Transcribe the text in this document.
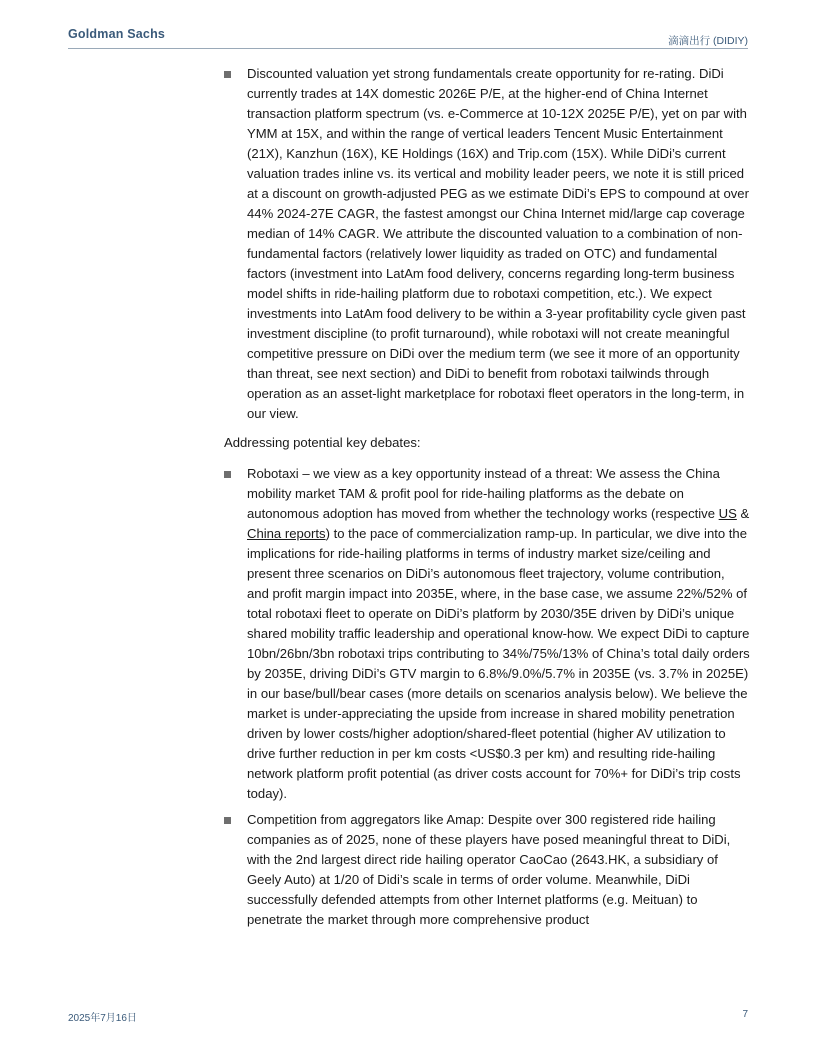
Goldman Sachs	滴滴出行 (DIDIY)

Discounted valuation yet strong fundamentals create opportunity for re-rating. DiDi currently trades at 14X domestic 2026E P/E, at the higher-end of China Internet transaction platform spectrum (vs. e-Commerce at 10-12X 2025E P/E), yet on par with YMM at 15X, and within the range of vertical leaders Tencent Music Entertainment (21X), Kanzhun (16X), KE Holdings (16X) and Trip.com (15X). While DiDi’s current valuation trades inline vs. its vertical and mobility leader peers, we note it is still priced at a discount on growth-adjusted PEG as we estimate DiDi’s EPS to compound at over 44% 2024-27E CAGR, the fastest amongst our China Internet mid/large cap coverage median of 14% CAGR. We attribute the discounted valuation to a combination of non-fundamental factors (relatively lower liquidity as traded on OTC) and fundamental factors (investment into LatAm food delivery, concerns regarding long-term business model shifts in ride-hailing platform due to robotaxi competition, etc.). We expect investments into LatAm food delivery to be within a 3-year profitability cycle given past investment discipline (to profit turnaround), while robotaxi will not create meaningful competitive pressure on DiDi over the medium term (we see it more of an opportunity than threat, see next section) and DiDi to benefit from robotaxi tailwinds through operation as an asset-light marketplace for robotaxi fleet operators in the long-term, in our view.

Addressing potential key debates:

Robotaxi – we view as a key opportunity instead of a threat: We assess the China mobility market TAM & profit pool for ride-hailing platforms as the debate on autonomous adoption has moved from whether the technology works (respective US & China reports) to the pace of commercialization ramp-up. In particular, we dive into the implications for ride-hailing platforms in terms of industry market size/ceiling and present three scenarios on DiDi’s autonomous fleet trajectory, volume contribution, and profit margin impact into 2035E, where, in the base case, we assume 22%/52% of total robotaxi fleet to operate on DiDi’s platform by 2030/35E driven by DiDi’s unique shared mobility traffic leadership and operational know-how. We expect DiDi to capture 10bn/26bn/3bn robotaxi trips contributing to 34%/75%/13% of China’s total daily orders by 2035E, driving DiDi’s GTV margin to 6.8%/9.0%/5.7% in 2035E (vs. 3.7% in 2025E) in our base/bull/bear cases (more details on scenarios analysis below). We believe the market is under-appreciating the upside from increase in shared mobility penetration driven by lower costs/higher adoption/shared-fleet potential (higher AV utilization to drive further reduction in per km costs <US$0.3 per km) and resulting ride-hailing network platform profit potential (as driver costs account for 70%+ for DiDi’s trip costs today).

Competition from aggregators like Amap: Despite over 300 registered ride hailing companies as of 2025, none of these players have posed meaningful threat to DiDi, with the 2nd largest direct ride hailing operator CaoCao (2643.HK, a subsidiary of Geely Auto) at 1/20 of Didi’s scale in terms of order volume. Meanwhile, DiDi successfully defended attempts from other Internet platforms (e.g. Meituan) to penetrate the market through more comprehensive product

2025年7月16日	7
